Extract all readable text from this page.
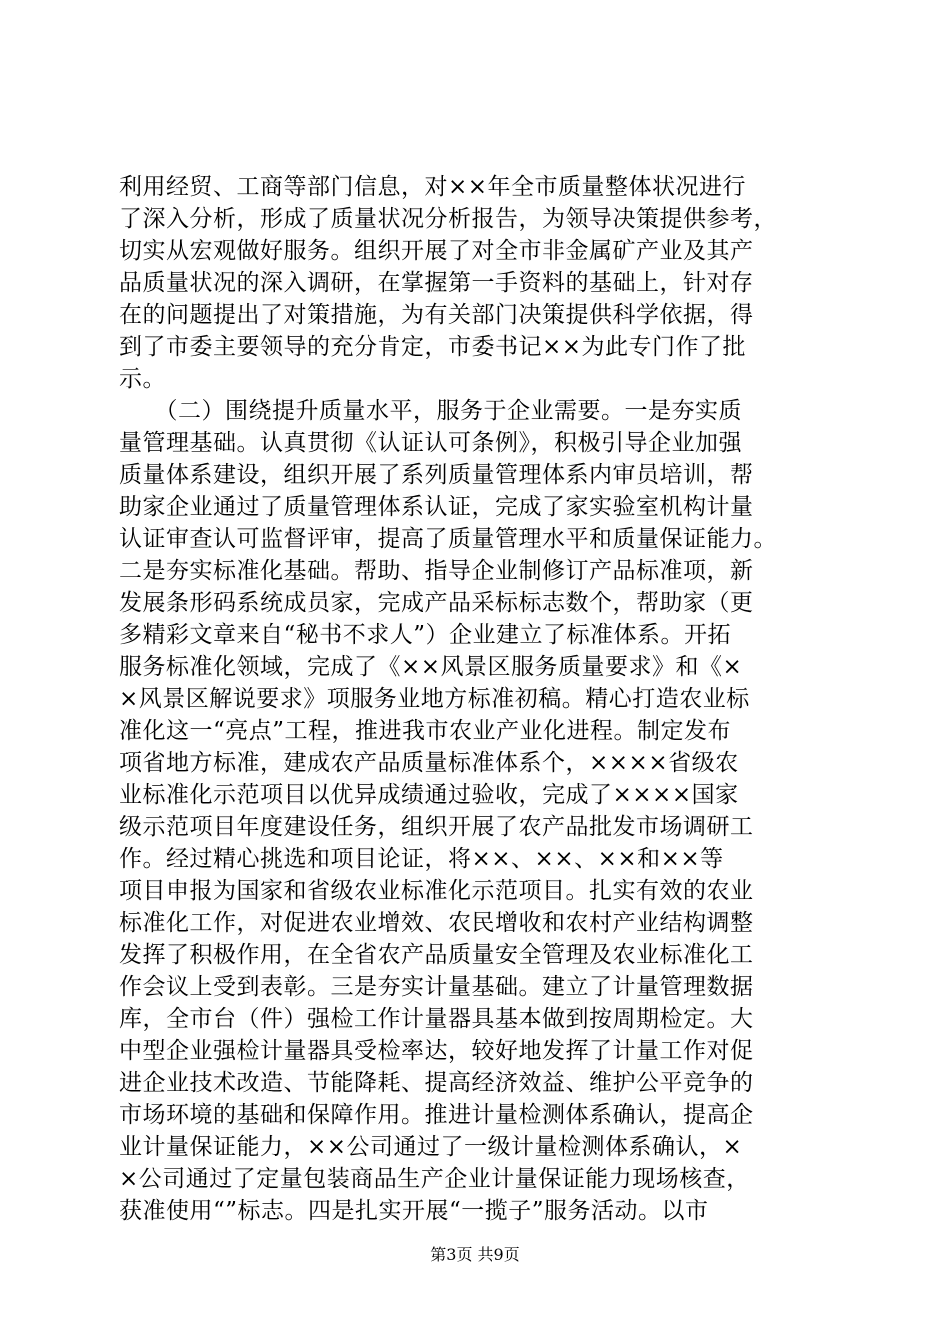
利用经贸、工商等部门信息，对××年全市质量整体状况进行
了深入分析，形成了质量状况分析报告，为领导决策提供参考，
切实从宏观做好服务。组织开展了对全市非金属矿产业及其产
品质量状况的深入调研，在掌握第一手资料的基础上，针对存
在的问题提出了对策措施，为有关部门决策提供科学依据，得
到了市委主要领导的充分肯定，市委书记××为此专门作了批
示。
　　（二）围绕提升质量水平，服务于企业需要。一是夯实质
量管理基础。认真贯彻《认证认可条例》，积极引导企业加强
质量体系建设，组织开展了系列质量管理体系内审员培训，帮
助家企业通过了质量管理体系认证，完成了家实验室机构计量
认证审查认可监督评审，提高了质量管理水平和质量保证能力。
二是夯实标准化基础。帮助、指导企业制修订产品标准项，新
发展条形码系统成员家，完成产品采标标志数个，帮助家（更
多精彩文章来自“秘书不求人”）企业建立了标准体系。开拓
服务标准化领域，完成了《××风景区服务质量要求》和《×
×风景区解说要求》项服务业地方标准初稿。精心打造农业标
准化这一“亮点”工程，推进我市农业产业化进程。制定发布
项省地方标准，建成农产品质量标准体系个，××××省级农
业标准化示范项目以优异成绩通过验收，完成了××××国家
级示范项目年度建设任务，组织开展了农产品批发市场调研工
作。经过精心挑选和项目论证，将××、××、××和××等
项目申报为国家和省级农业标准化示范项目。扎实有效的农业
标准化工作，对促进农业增效、农民增收和农村产业结构调整
发挥了积极作用，在全省农产品质量安全管理及农业标准化工
作会议上受到表彰。三是夯实计量基础。建立了计量管理数据
库，全市台（件）强检工作计量器具基本做到按周期检定。大
中型企业强检计量器具受检率达，较好地发挥了计量工作对促
进企业技术改造、节能降耗、提高经济效益、维护公平竞争的
市场环境的基础和保障作用。推进计量检测体系确认，提高企
业计量保证能力，××公司通过了一级计量检测体系确认，×
×公司通过了定量包装商品生产企业计量保证能力现场核查，
获准使用“”标志。四是扎实开展“一揽子”服务活动。以市
第3页 共9页
